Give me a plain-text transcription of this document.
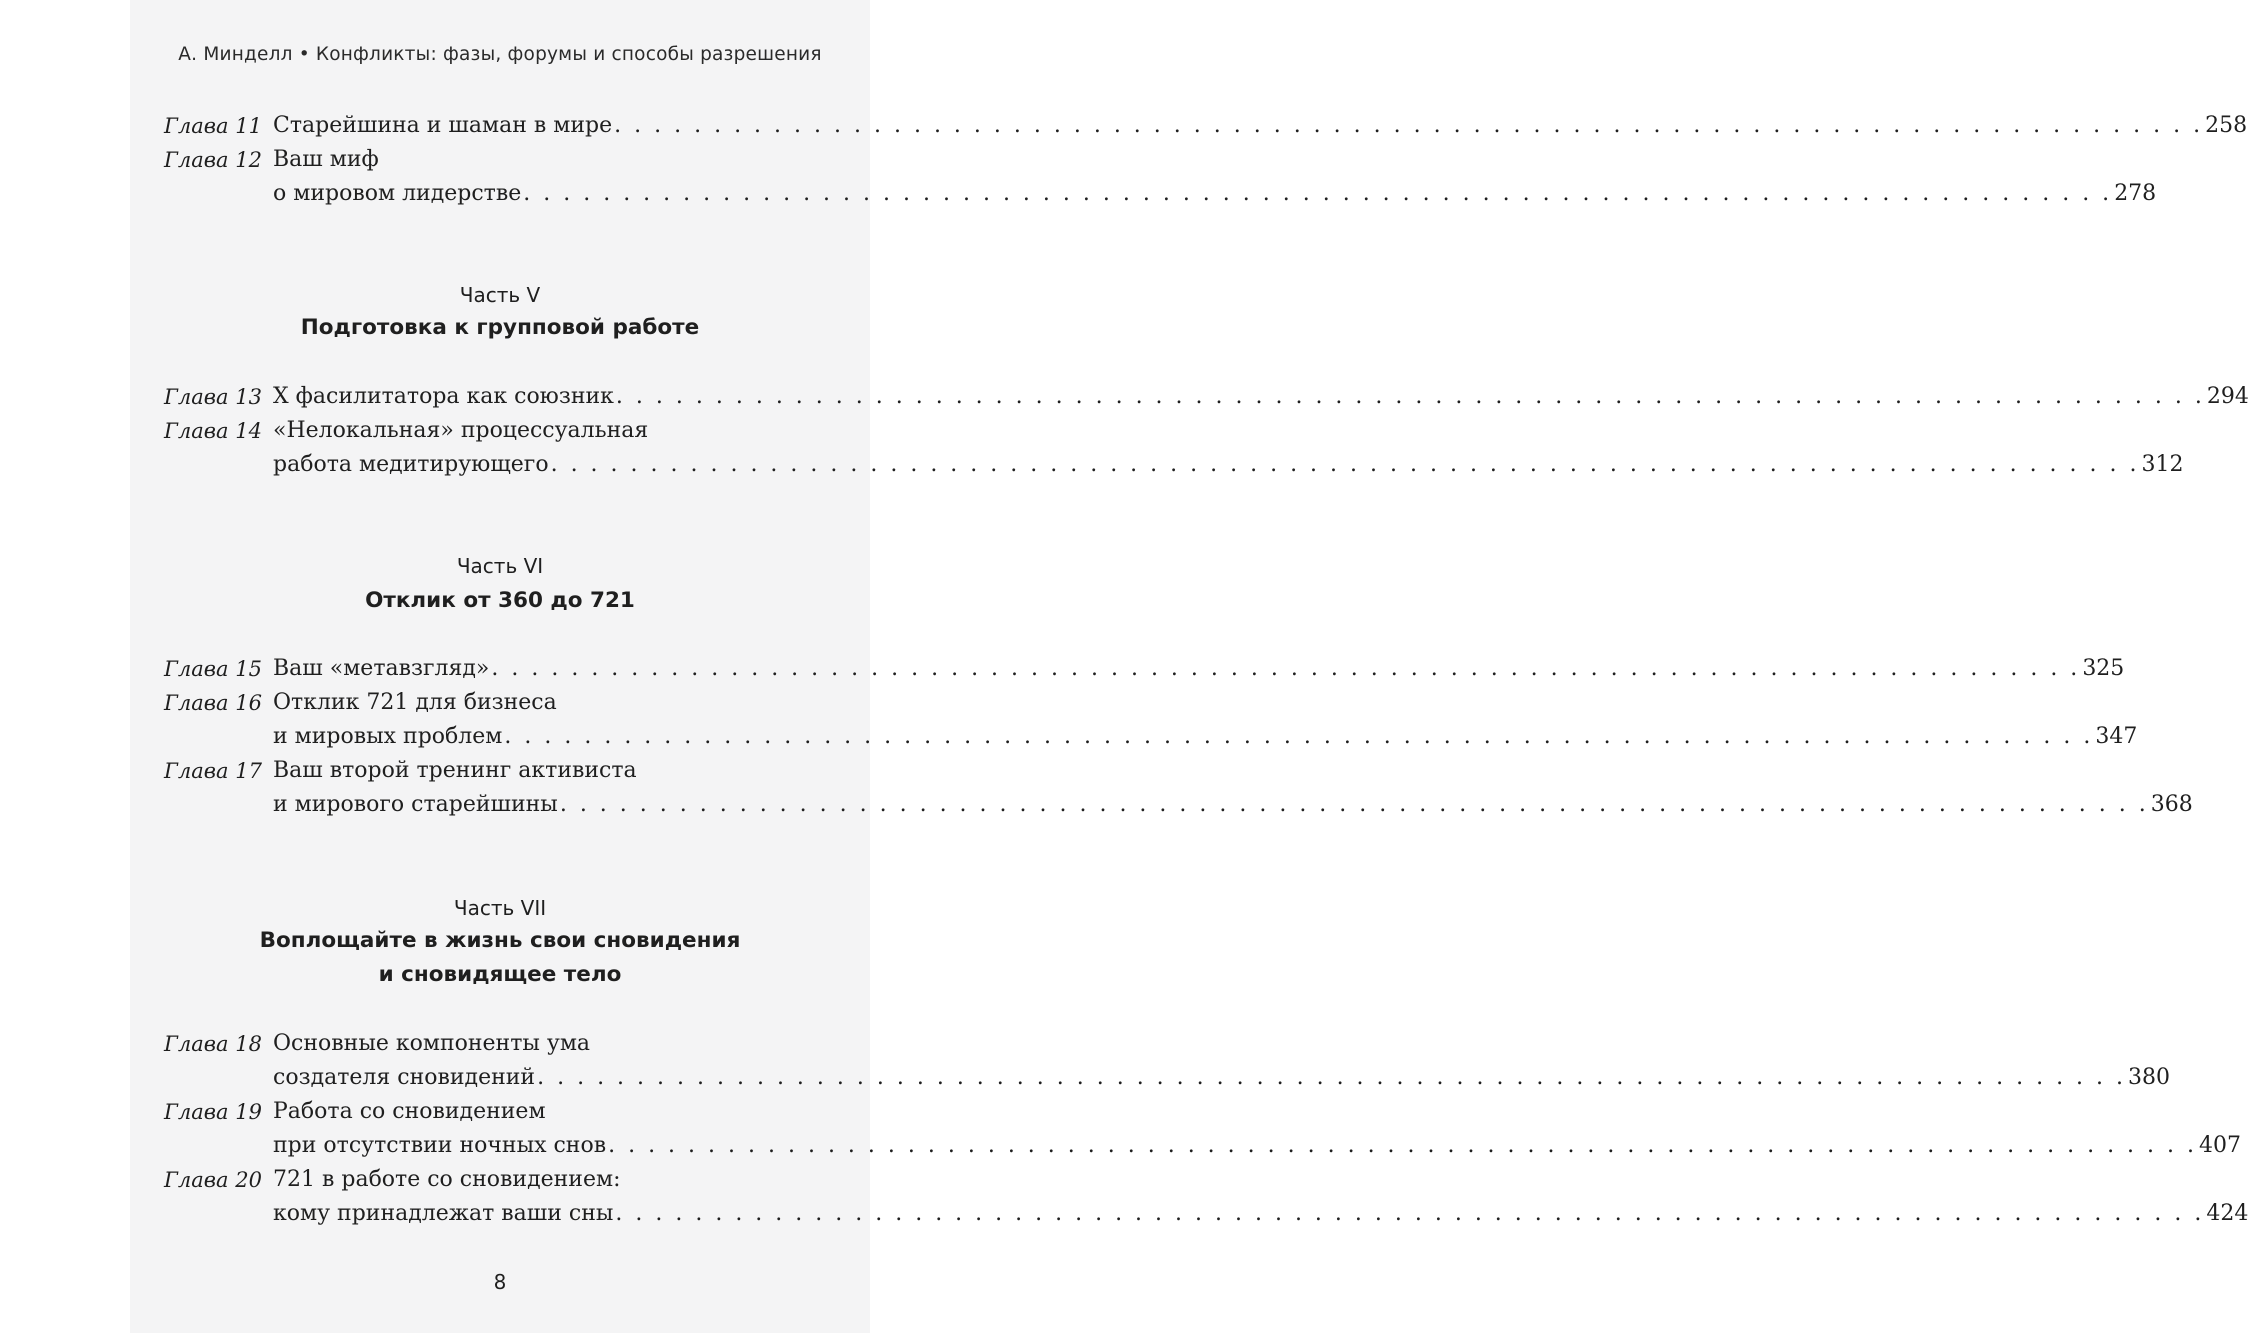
А. Минделл • Конфликты: фазы, форумы и способы разрешения
Глава 11 Старейшина и шаман в мире . . . . . . . . . . . . . . . . . . . . . . . . . . . . . . . . . . . . . . . . . . . . . . . . . . . . . . . . . . . . . . . . . . . . . . . . . . . . . . . . 258
Глава 12 Ваш миф
о мировом лидерстве . . . . . . . . . . . . . . . . . . . . . . . . . . . . . . . . . . . . . . . . . . . . . . . . . . . . . . . . . . . . . . . . . . . . . . . . . . . . . . . . 278
Часть V
Подготовка к групповой работе
Глава 13 X фасилитатора как союзник . . . . . . . . . . . . . . . . . . . . . . . . . . . . . . . . . . . . . . . . . . . . . . . . . . . . . . . . . . . . . . . . . . . . . . . . . . . . . . . . 294
Глава 14 «Нелокальная» процессуальная
работа медитирующего . . . . . . . . . . . . . . . . . . . . . . . . . . . . . . . . . . . . . . . . . . . . . . . . . . . . . . . . . . . . . . . . . . . . . . . . . . . . . . . . 312
Часть VI
Отклик от 360 до 721
Глава 15 Ваш «метавзгляд» . . . . . . . . . . . . . . . . . . . . . . . . . . . . . . . . . . . . . . . . . . . . . . . . . . . . . . . . . . . . . . . . . . . . . . . . . . . . . . . . 325
Глава 16 Отклик 721 для бизнеса
и мировых проблем . . . . . . . . . . . . . . . . . . . . . . . . . . . . . . . . . . . . . . . . . . . . . . . . . . . . . . . . . . . . . . . . . . . . . . . . . . . . . . . . 347
Глава 17 Ваш второй тренинг активиста
и мирового старейшины . . . . . . . . . . . . . . . . . . . . . . . . . . . . . . . . . . . . . . . . . . . . . . . . . . . . . . . . . . . . . . . . . . . . . . . . . . . . . . . . 368
Часть VII
Воплощайте в жизнь свои сновидения
и сновидящее тело
Глава 18 Основные компоненты ума
создателя сновидений . . . . . . . . . . . . . . . . . . . . . . . . . . . . . . . . . . . . . . . . . . . . . . . . . . . . . . . . . . . . . . . . . . . . . . . . . . . . . . . . 380
Глава 19 Работа со сновидением
при отсутствии ночных снов . . . . . . . . . . . . . . . . . . . . . . . . . . . . . . . . . . . . . . . . . . . . . . . . . . . . . . . . . . . . . . . . . . . . . . . . . . . . . . . . 407
Глава 20 721 в работе со сновидением:
кому принадлежат ваши сны . . . . . . . . . . . . . . . . . . . . . . . . . . . . . . . . . . . . . . . . . . . . . . . . . . . . . . . . . . . . . . . . . . . . . . . . . . . . . . . . 424
8
